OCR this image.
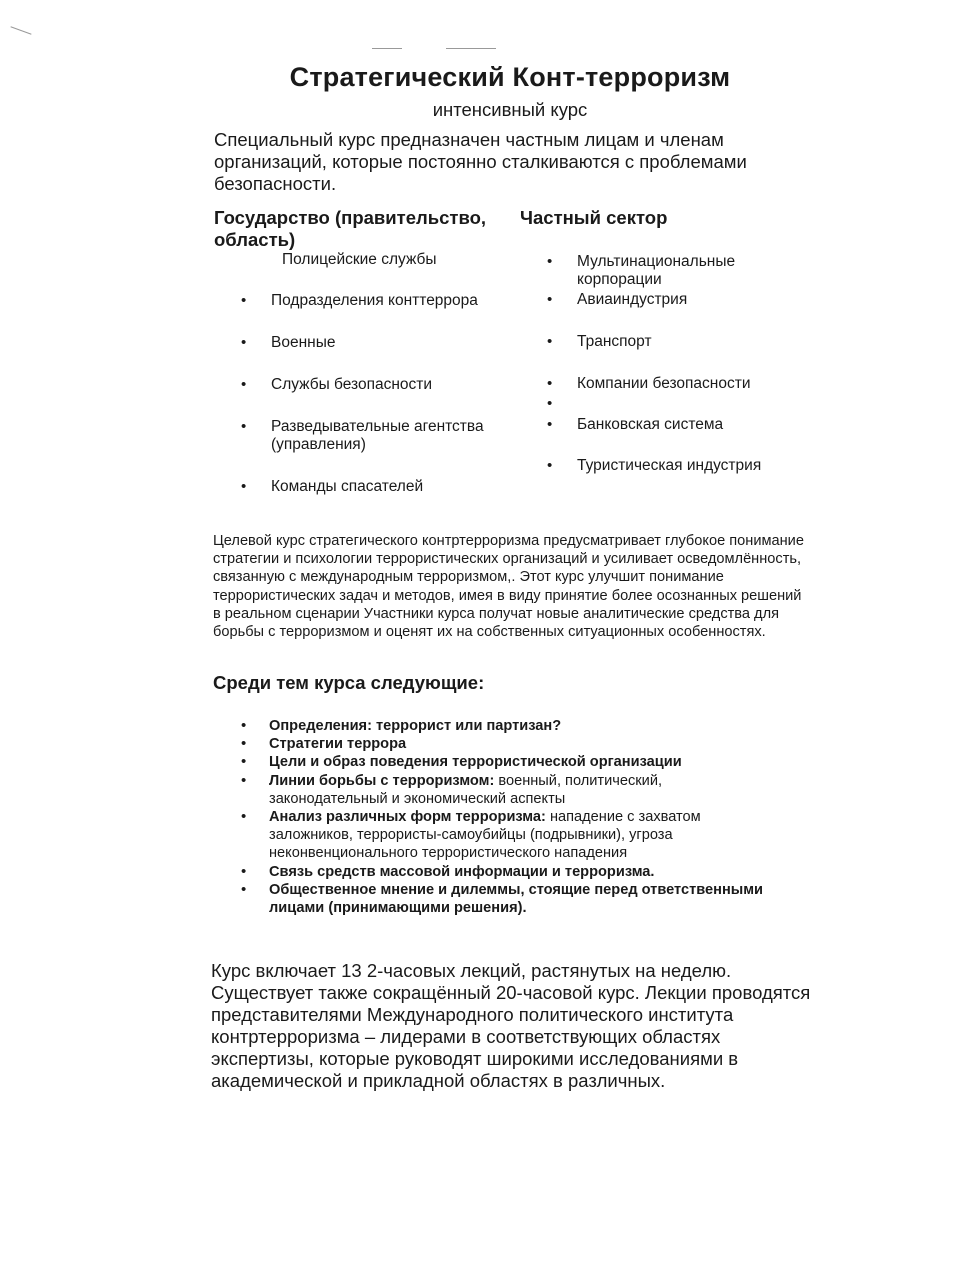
Стратегический Конт-терроризм
интенсивный курс
Специальный курс предназначен частным лицам и членам организаций, которые постоянно сталкиваются с проблемами безопасности.
Государство (правительство, область)
Частный сектор
Полицейские службы
• Подразделения конттеррора
• Военные
• Службы безопасности
• Разведывательные агентства (управления)
• Команды спасателей
• Мультинациональные корпорации
• Авиаиндустрия
• Транспорт
• Компании безопасности
•
• Банковская система
• Туристическая индустрия
Целевой курс стратегического контртерроризма предусматривает глубокое понимание стратегии и психологии террористических организаций и усиливает осведомлённость, связанную с международным терроризмом,. Этот курс улучшит понимание террористических задач и методов, имея в виду принятие более осознанных решений в реальном сценарии Участники курса получат новые аналитические средства для борьбы с терроризмом и оценят их на собственных ситуационных особенностях.
Среди тем курса следующие:
• Определения: террорист или партизан?
• Стратегии террора
• Цели и образ поведения террористической организации
• Линии борьбы с терроризмом: военный, политический, законодательный и экономический аспекты
• Анализ различных форм терроризма: нападение с захватом заложников, террористы-самоубийцы (подрывники), угроза неконвенционального террористического нападения
• Связь средств массовой информации и терроризма.
• Общественное мнение и дилеммы, стоящие перед ответственными лицами (принимающими решения).
Курс включает 13 2-часовых лекций, растянутых на неделю. Существует также сокращённый 20-часовой курс. Лекции проводятся представителями Международного политического института контртерроризма – лидерами в соответствующих областях экспертизы, которые руководят широкими исследованиями в академической и прикладной областях в различных.
